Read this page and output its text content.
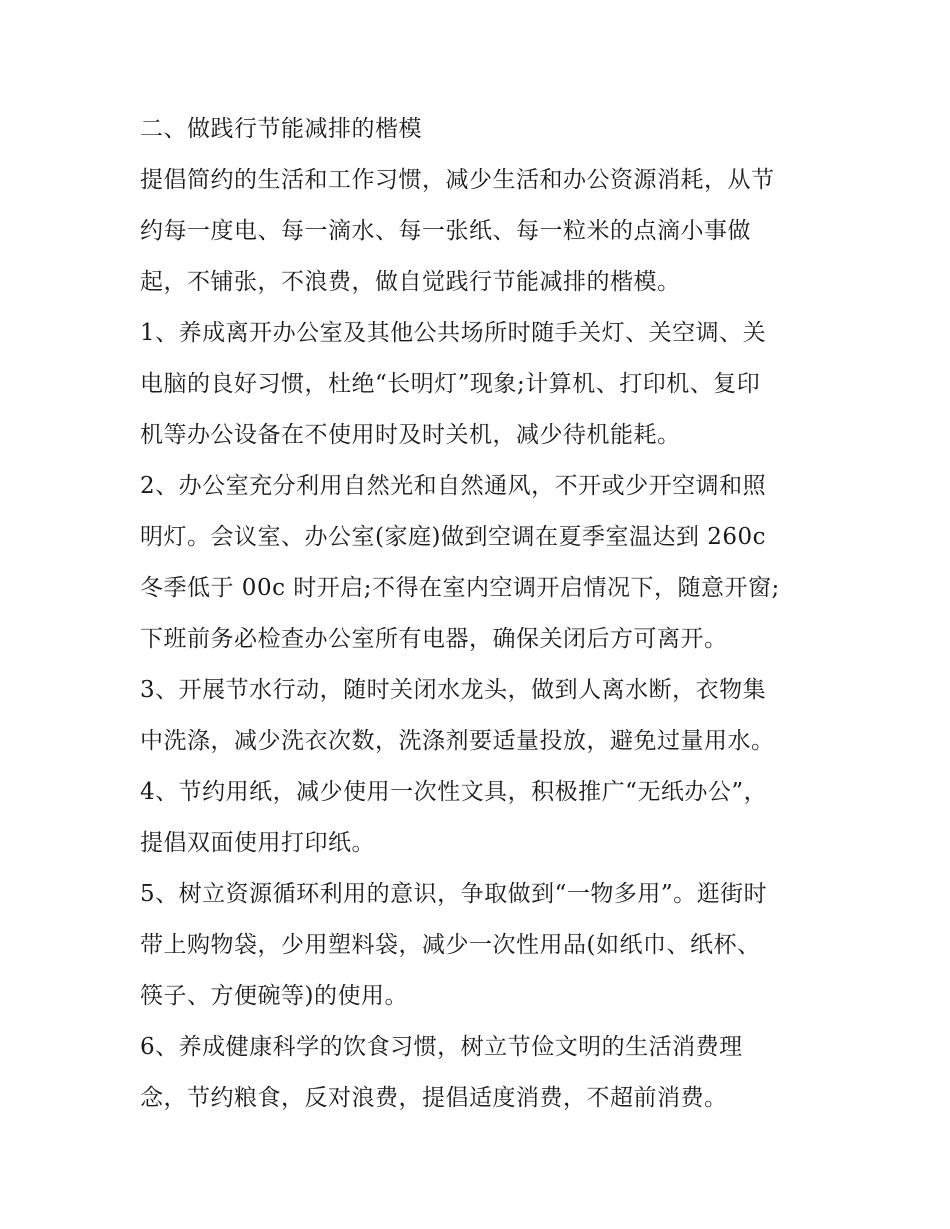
二、做践行节能减排的楷模
提倡简约的生活和工作习惯，减少生活和办公资源消耗，从节
约每一度电、每一滴水、每一张纸、每一粒米的点滴小事做
起，不铺张，不浪费，做自觉践行节能减排的楷模。
1、养成离开办公室及其他公共场所时随手关灯、关空调、关
电脑的良好习惯，杜绝“长明灯”现象;计算机、打印机、复印
机等办公设备在不使用时及时关机，减少待机能耗。
2、办公室充分利用自然光和自然通风，不开或少开空调和照
明灯。会议室、办公室(家庭)做到空调在夏季室温达到 260c
冬季低于 00c 时开启;不得在室内空调开启情况下，随意开窗;
下班前务必检查办公室所有电器，确保关闭后方可离开。
3、开展节水行动，随时关闭水龙头，做到人离水断，衣物集
中洗涤，减少洗衣次数，洗涤剂要适量投放，避免过量用水。
4、节约用纸，减少使用一次性文具，积极推广“无纸办公”，
提倡双面使用打印纸。
5、树立资源循环利用的意识，争取做到“一物多用”。逛街时
带上购物袋，少用塑料袋，减少一次性用品(如纸巾、纸杯、
筷子、方便碗等)的使用。
6、养成健康科学的饮食习惯，树立节俭文明的生活消费理
念，节约粮食，反对浪费，提倡适度消费，不超前消费。
